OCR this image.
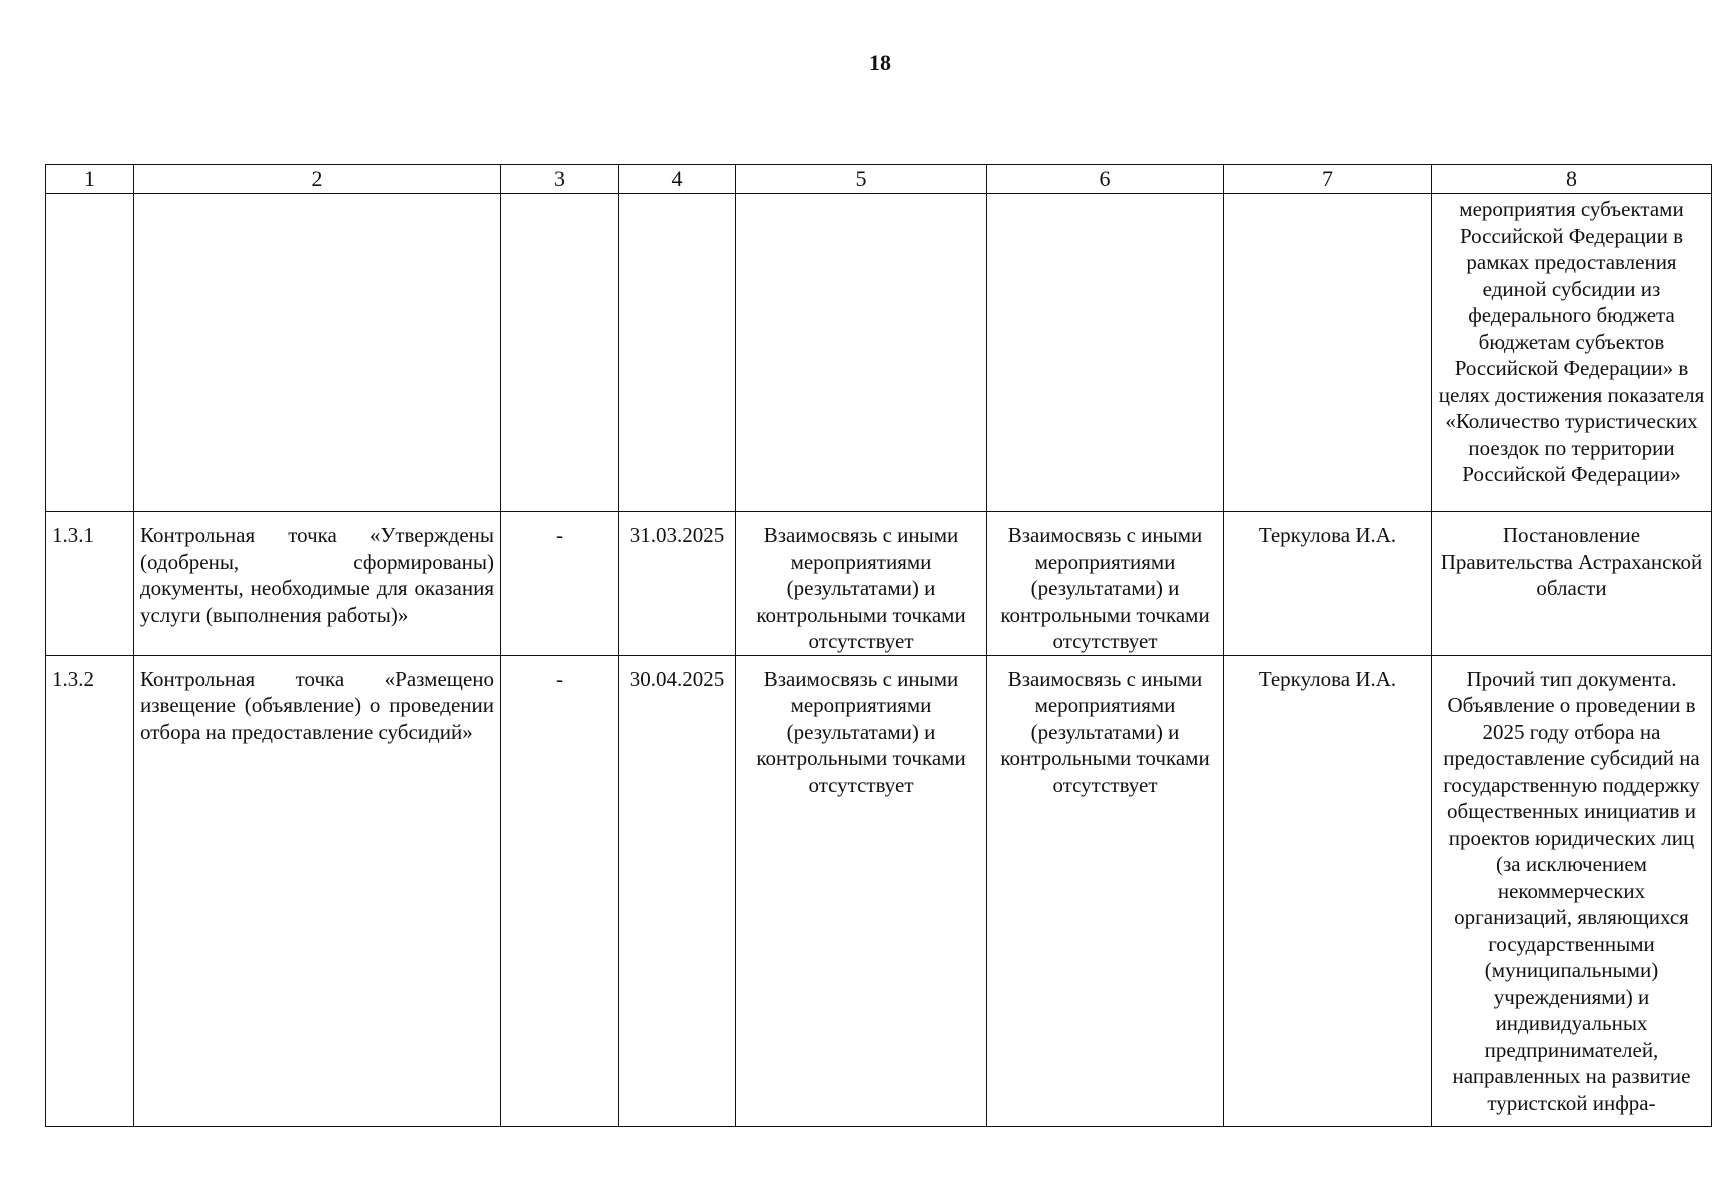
18
1	2	3	4	5	6	7	8
							мероприятия субъектами Российской Федерации в рамках предоставления единой субсидии из федерального бюджета бюджетам субъектов Российской Федерации» в целях достижения показателя «Количество туристических поездок по территории Российской Федерации»
1.3.1	Контрольная точка «Утверждены (одобрены, сформированы) документы, необходимые для оказания услуги (выполнения работы)»	-	31.03.2025	Взаимосвязь с иными мероприятиями (результатами) и контрольными точками отсутствует	Взаимосвязь с иными мероприятиями (результатами) и контрольными точками отсутствует	Теркулова И.А.	Постановление Правительства Астраханской области
1.3.2	Контрольная точка «Размещено извещение (объявление) о проведении отбора на предоставление субсидий»	-	30.04.2025	Взаимосвязь с иными мероприятиями (результатами) и контрольными точками отсутствует	Взаимосвязь с иными мероприятиями (результатами) и контрольными точками отсутствует	Теркулова И.А.	Прочий тип документа. Объявление о проведении в 2025 году отбора на предоставление субсидий на государственную поддержку общественных инициатив и проектов юридических лиц (за исключением некоммерческих организаций, являющихся государственными (муниципальными) учреждениями) и индивидуальных предпринимателей, направленных на развитие туристской инфра-
